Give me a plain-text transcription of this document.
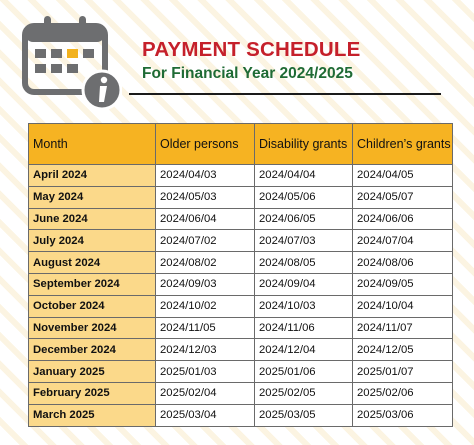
PAYMENT SCHEDULE
For Financial Year 2024/2025
Month	Older persons	Disability grants	Children’s grants
April 2024	2024/04/03	2024/04/04	2024/04/05
May 2024	2024/05/03	2024/05/06	2024/05/07
June 2024	2024/06/04	2024/06/05	2024/06/06
July 2024	2024/07/02	2024/07/03	2024/07/04
August 2024	2024/08/02	2024/08/05	2024/08/06
September 2024	2024/09/03	2024/09/04	2024/09/05
October 2024	2024/10/02	2024/10/03	2024/10/04
November 2024	2024/11/05	2024/11/06	2024/11/07
December 2024	2024/12/03	2024/12/04	2024/12/05
January 2025	2025/01/03	2025/01/06	2025/01/07
February 2025	2025/02/04	2025/02/05	2025/02/06
March 2025	2025/03/04	2025/03/05	2025/03/06
